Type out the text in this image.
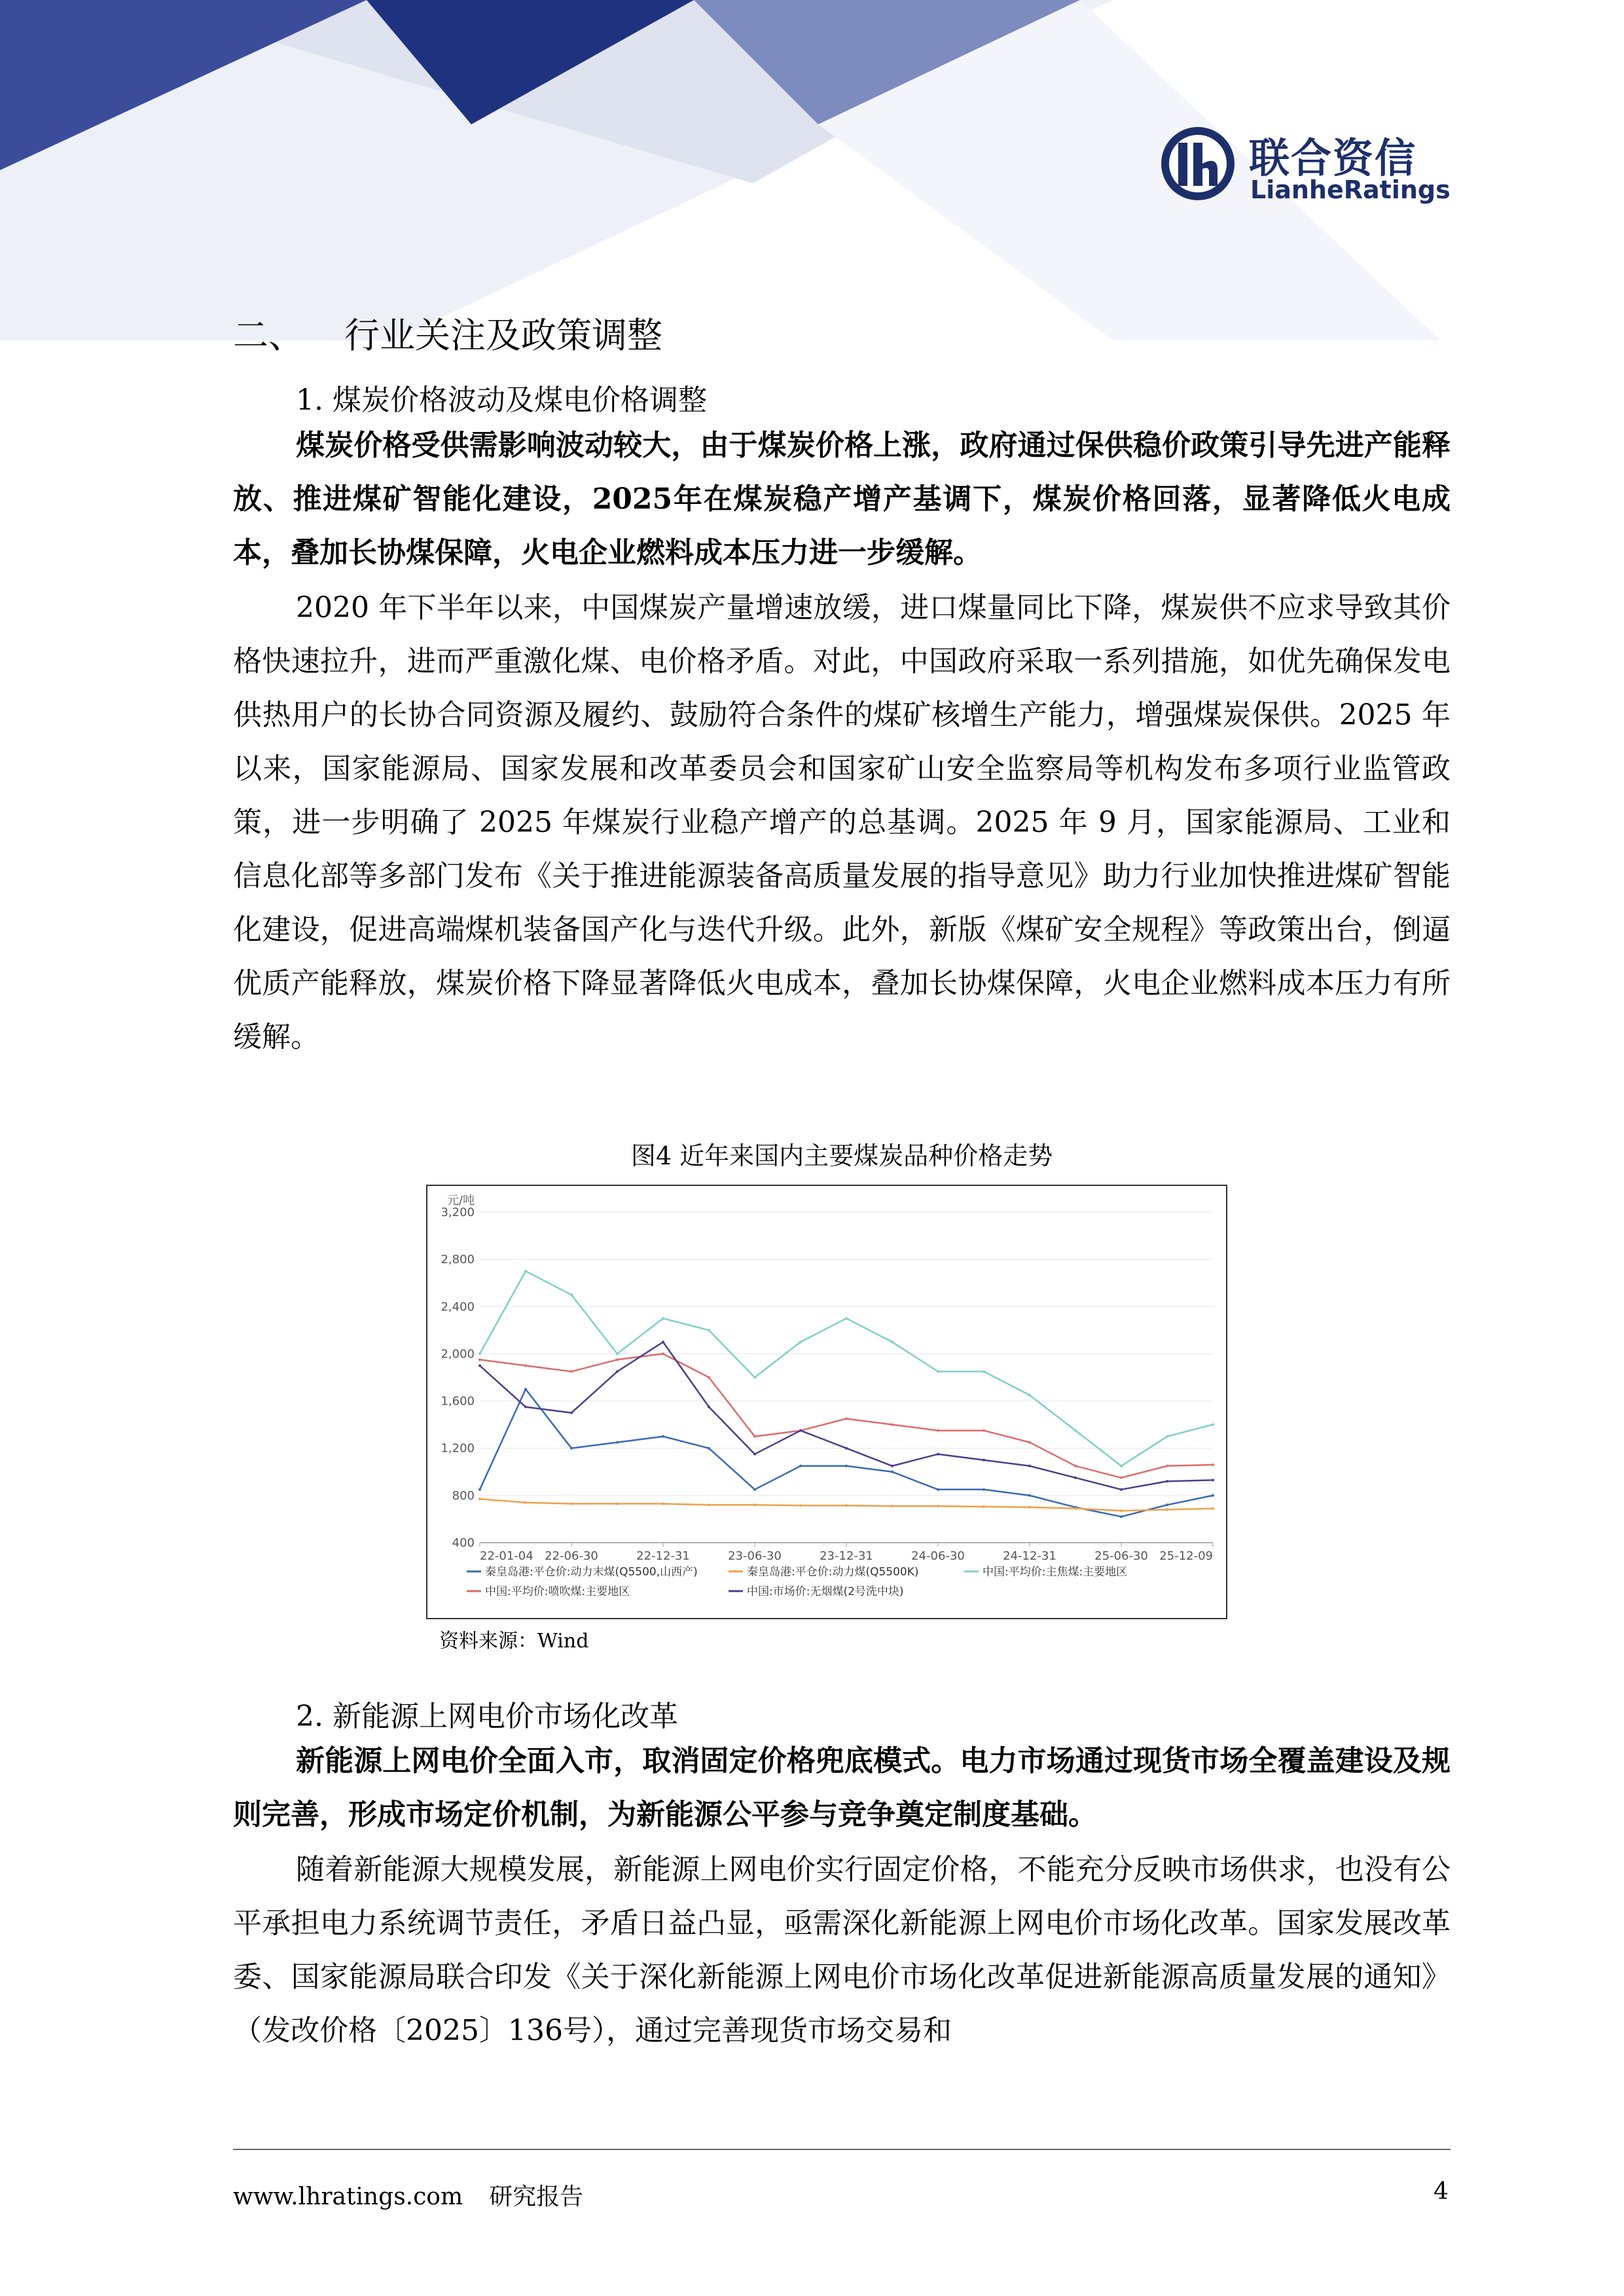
联合资信
LianheRatings
二、 行业关注及政策调整
1. 煤炭价格波动及煤电价格调整

煤炭价格受供需影响波动较大，由于煤炭价格上涨，政府通过保供稳价政策引导先进产能释放、推进煤矿智能化建设，2025年在煤炭稳产增产基调下，煤炭价格回落，显著降低火电成本，叠加长协煤保障，火电企业燃料成本压力进一步缓解。

2020 年下半年以来，中国煤炭产量增速放缓，进口煤量同比下降，煤炭供不应求导致其价格快速拉升，进而严重激化煤、电价格矛盾。对此，中国政府采取一系列措施，如优先确保发电供热用户的长协合同资源及履约、鼓励符合条件的煤矿核增生产能力，增强煤炭保供。2025 年以来，国家能源局、国家发展和改革委员会和国家矿山安全监察局等机构发布多项行业监管政策，进一步明确了 2025 年煤炭行业稳产增产的总基调。2025 年 9 月，国家能源局、工业和信息化部等多部门发布《关于推进能源装备高质量发展的指导意见》助力行业加快推进煤矿智能化建设，促进高端煤机装备国产化与迭代升级。此外，新版《煤矿安全规程》等政策出台，倒逼优质产能释放，煤炭价格下降显著降低火电成本，叠加长协煤保障，火电企业燃料成本压力有所缓解。

图4 近年来国内主要煤炭品种价格走势
元/吨
400
800
1,200
1,600
2,000
2,400
2,800
3,200
22-01-04 22-06-30	22-12-31	23-06-30	23-12-31	24-06-30	24-12-31	25-06-30 25-12-09
秦皇岛港:平仓价:动力末煤(Q5500,山西产)	秦皇岛港:平仓价:动力煤(Q5500K)	中国:平均价:主焦煤:主要地区
中国:平均价:喷吹煤:主要地区	中国:市场价:无烟煤(2号洗中块)
资料来源：Wind
2. 新能源上网电价市场化改革

新能源上网电价全面入市，取消固定价格兜底模式。电力市场通过现货市场全覆盖建设及规则完善，形成市场定价机制，为新能源公平参与竞争奠定制度基础。

随着新能源大规模发展，新能源上网电价实行固定价格，不能充分反映市场供求，也没有公平承担电力系统调节责任，矛盾日益凸显，亟需深化新能源上网电价市场化改革。国家发展改革委、国家能源局联合印发《关于深化新能源上网电价市场化改革促进新能源高质量发展的通知》（发改价格〔2025〕136号），通过完善现货市场交易和

www.lhratings.com 研究报告	4
